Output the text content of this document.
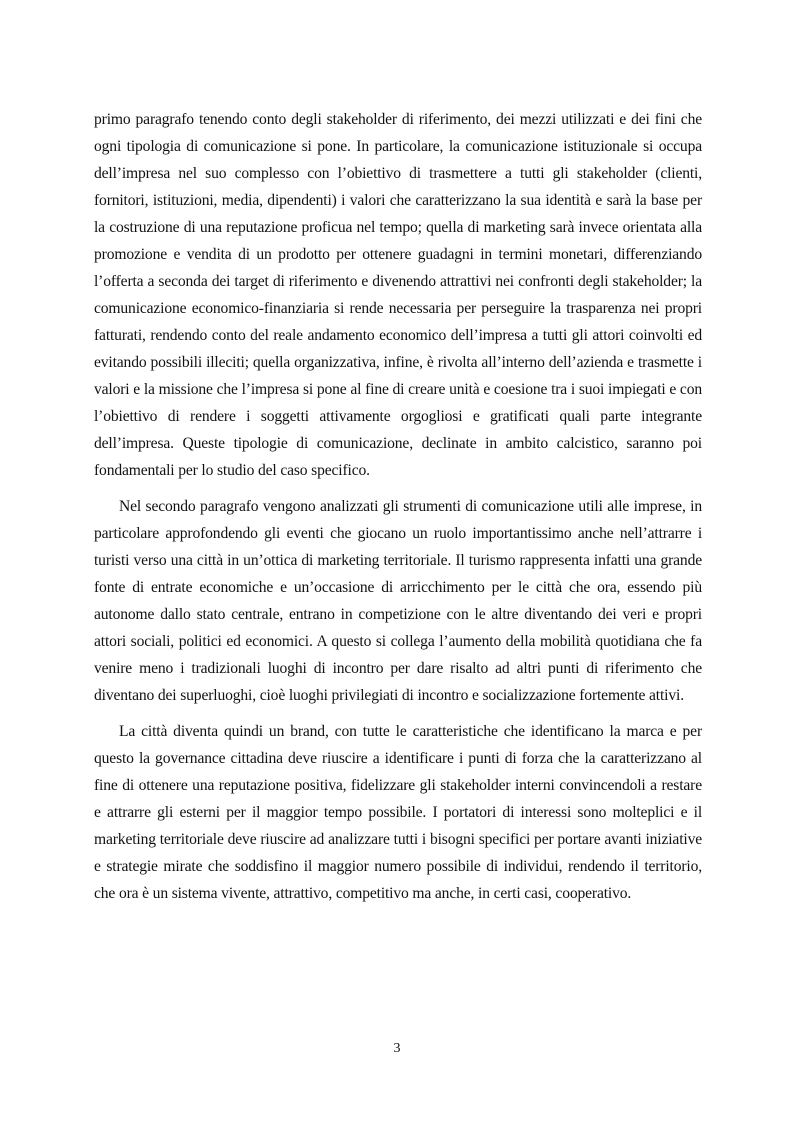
primo paragrafo tenendo conto degli stakeholder di riferimento, dei mezzi utilizzati e dei fini che ogni tipologia di comunicazione si pone. In particolare, la comunicazione istituzionale si occupa dell’impresa nel suo complesso con l’obiettivo di trasmettere a tutti gli stakeholder (clienti, fornitori, istituzioni, media, dipendenti) i valori che caratterizzano la sua identità e sarà la base per la costruzione di una reputazione proficua nel tempo; quella di marketing sarà invece orientata alla promozione e vendita di un prodotto per ottenere guadagni in termini monetari, differenziando l’offerta a seconda dei target di riferimento e divenendo attrattivi nei confronti degli stakeholder; la comunicazione economico-finanziaria si rende necessaria per perseguire la trasparenza nei propri fatturati, rendendo conto del reale andamento economico dell’impresa a tutti gli attori coinvolti ed evitando possibili illeciti; quella organizzativa, infine, è rivolta all’interno dell’azienda e trasmette i valori e la missione che l’impresa si pone al fine di creare unità e coesione tra i suoi impiegati e con l’obiettivo di rendere i soggetti attivamente orgogliosi e gratificati quali parte integrante dell’impresa. Queste tipologie di comunicazione, declinate in ambito calcistico, saranno poi fondamentali per lo studio del caso specifico.

Nel secondo paragrafo vengono analizzati gli strumenti di comunicazione utili alle imprese, in particolare approfondendo gli eventi che giocano un ruolo importantissimo anche nell’attrarre i turisti verso una città in un’ottica di marketing territoriale. Il turismo rappresenta infatti una grande fonte di entrate economiche e un’occasione di arricchimento per le città che ora, essendo più autonome dallo stato centrale, entrano in competizione con le altre diventando dei veri e propri attori sociali, politici ed economici. A questo si collega l’aumento della mobilità quotidiana che fa venire meno i tradizionali luoghi di incontro per dare risalto ad altri punti di riferimento che diventano dei superluoghi, cioè luoghi privilegiati di incontro e socializzazione fortemente attivi.

La città diventa quindi un brand, con tutte le caratteristiche che identificano la marca e per questo la governance cittadina deve riuscire a identificare i punti di forza che la caratterizzano al fine di ottenere una reputazione positiva, fidelizzare gli stakeholder interni convincendoli a restare e attrarre gli esterni per il maggior tempo possibile. I portatori di interessi sono molteplici e il marketing territoriale deve riuscire ad analizzare tutti i bisogni specifici per portare avanti iniziative e strategie mirate che soddisfino il maggior numero possibile di individui, rendendo il territorio, che ora è un sistema vivente, attrattivo, competitivo ma anche, in certi casi, cooperativo.

3
